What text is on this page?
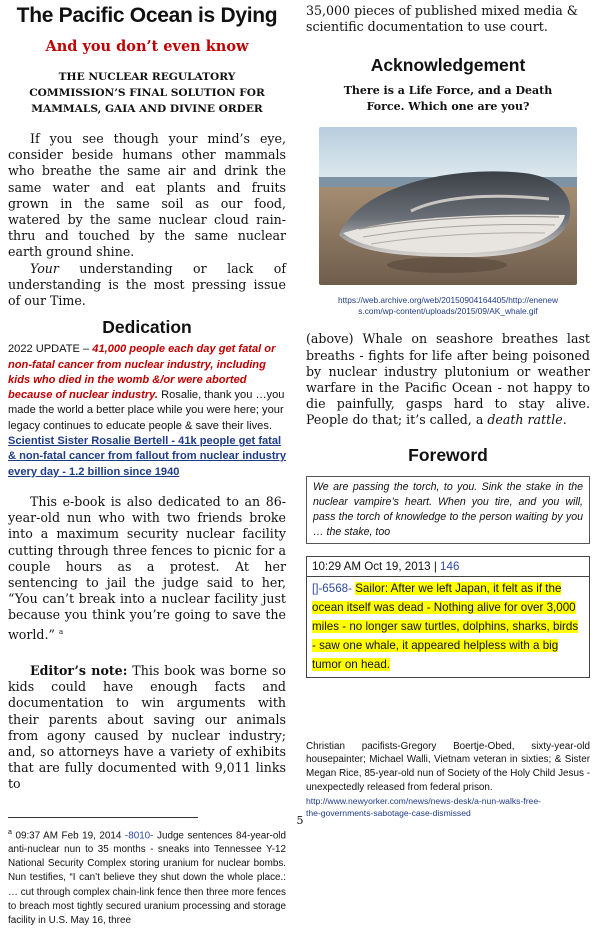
The Pacific Ocean is Dying

And you don’t even know

THE NUCLEAR REGULATORY
COMMISSION’S FINAL SOLUTION FOR
MAMMALS, GAIA AND DIVINE ORDER

If you see though your mind’s eye, consider beside humans other mammals who breathe the same air and drink the same water and eat plants and fruits grown in the same soil as our food, watered by the same nuclear cloud rain-thru and touched by the same nuclear earth ground shine.

Your understanding or lack of understanding is the most pressing issue of our Time.

Dedication

2022 UPDATE – 41,000 people each day get fatal or non-fatal cancer from nuclear industry, including kids who died in the womb &/or were aborted because of nuclear industry. Rosalie, thank you …you made the world a better place while you were here; your legacy continues to educate people & save their lives. Scientist Sister Rosalie Bertell - 41k people get fatal & non-fatal cancer from fallout from nuclear industry every day - 1.2 billion since 1940

This e-book is also dedicated to an 86-year-old nun who with two friends broke into a maximum security nuclear facility cutting through three fences to picnic for a couple hours as a protest. At her sentencing to jail the judge said to her, “You can’t break into a nuclear facility just because you think you’re going to save the world.” $^a$

Editor’s note: This book was borne so kids could have enough facts and documentation to win arguments with their parents about saving our animals from agony caused by nuclear industry; and, so attorneys have a variety of exhibits that are fully documented with 9,011 links to

$^a$ 09:37 AM Feb 19, 2014 -8010- Judge sentences 84-year-old anti-nuclear nun to 35 months - sneaks into Tennessee Y-12 National Security Complex storing uranium for nuclear bombs. Nun testifies, “I can’t believe they shut down the whole place.: … cut through complex chain-link fence then three more fences to breach most tightly secured uranium processing and storage facility in U.S. May 16, three

35,000 pieces of published mixed media & scientific documentation to use court.

Acknowledgement
There is a Life Force, and a Death
Force. Which one are you?
https://web.archive.org/web/20150904164405/http://enenew
s.com/wp-content/uploads/2015/09/AK_whale.gif

(above) Whale on seashore breathes last breaths - fights for life after being poisoned by nuclear industry plutonium or weather warfare in the Pacific Ocean - not happy to die painfully, gasps hard to stay alive. People do that; it’s called, a death rattle.

Foreword
We are passing the torch, to you. Sink the stake in the nuclear vampire’s heart. When you tire, and you will, pass the torch of knowledge to the person waiting by you … the stake, too
10:29 AM Oct 19, 2013 | 146
[]-6568- Sailor: After we left Japan, it felt as if the ocean itself was dead - Nothing alive for over 3,000 miles - no longer saw turtles, dolphins, sharks, birds - saw one whale, it appeared helpless with a big tumor on head.

Christian pacifists-Gregory Boertje-Obed, sixty-year-old housepainter; Michael Walli, Vietnam veteran in sixties; & Sister Megan Rice, 85-year-old nun of Society of the Holy Child Jesus - unexpectedly released from federal prison.

http://www.newyorker.com/news/news-desk/a-nun-walks-free-
the-governments-sabotage-case-dismissed
5
